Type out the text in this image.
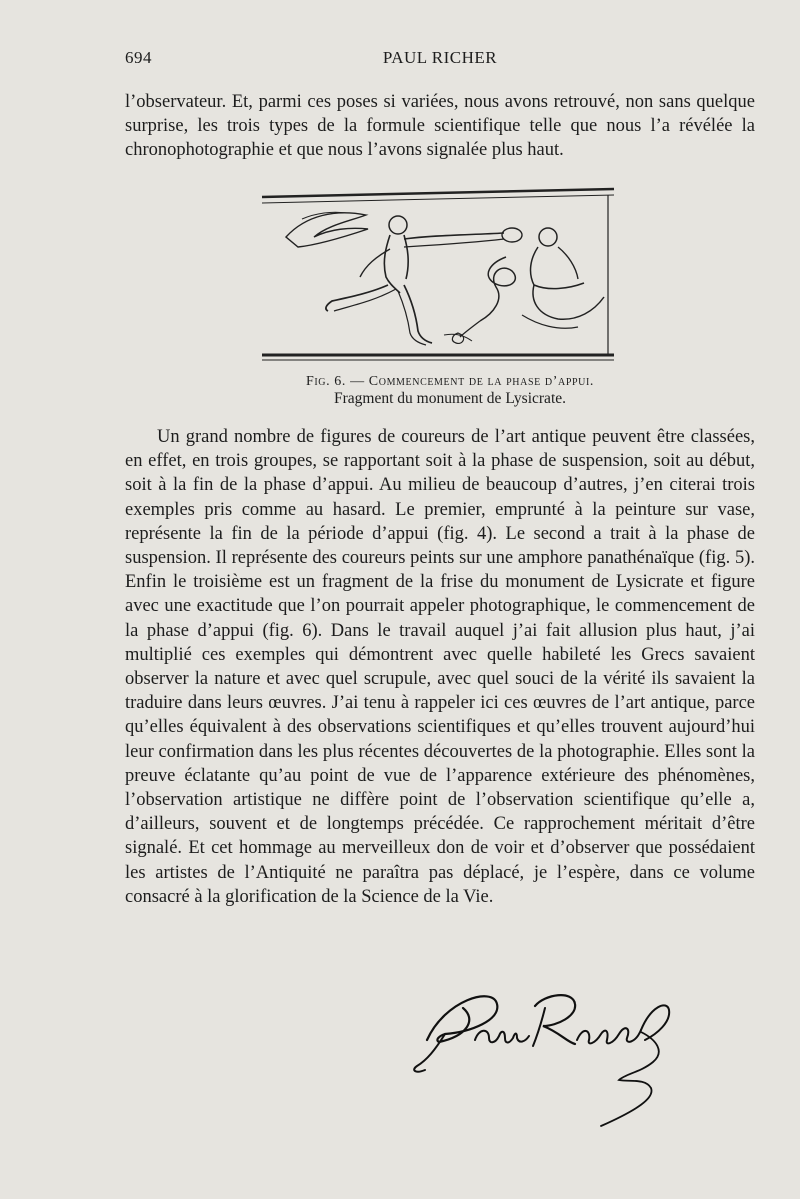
694	PAUL RICHER

l’observateur. Et, parmi ces poses si variées, nous avons retrouvé, non sans quelque surprise, les trois types de la formule scientifique telle que nous l’a révélée la chronophotographie et que nous l’avons signalée plus haut.

Fig. 6. — Commencement de la phase d’appui.
Fragment du monument de Lysicrate.

Un grand nombre de figures de coureurs de l’art antique peuvent être classées, en effet, en trois groupes, se rapportant soit à la phase de suspension, soit au début, soit à la fin de la phase d’appui. Au milieu de beaucoup d’autres, j’en citerai trois exemples pris comme au hasard. Le premier, emprunté à la peinture sur vase, représente la fin de la période d’appui (fig. 4). Le second a trait à la phase de suspension. Il représente des coureurs peints sur une amphore panathénaïque (fig. 5). Enfin le troisième est un fragment de la frise du monument de Lysicrate et figure avec une exactitude que l’on pourrait appeler photographique, le commencement de la phase d’appui (fig. 6). Dans le travail auquel j’ai fait allusion plus haut, j’ai multiplié ces exemples qui démontrent avec quelle habileté les Grecs savaient observer la nature et avec quel scrupule, avec quel souci de la vérité ils savaient la traduire dans leurs œuvres. J’ai tenu à rappeler ici ces œuvres de l’art antique, parce qu’elles équivalent à des observations scientifiques et qu’elles trouvent aujourd’hui leur confirmation dans les plus récentes découvertes de la photographie. Elles sont la preuve éclatante qu’au point de vue de l’apparence extérieure des phénomènes, l’observation artistique ne diffère point de l’observation scientifique qu’elle a, d’ailleurs, souvent et de longtemps précédée. Ce rapprochement méritait d’être signalé. Et cet hommage au merveilleux don de voir et d’observer que possédaient les artistes de l’Antiquité ne paraîtra pas déplacé, je l’espère, dans ce volume consacré à la glorification de la Science de la Vie.
